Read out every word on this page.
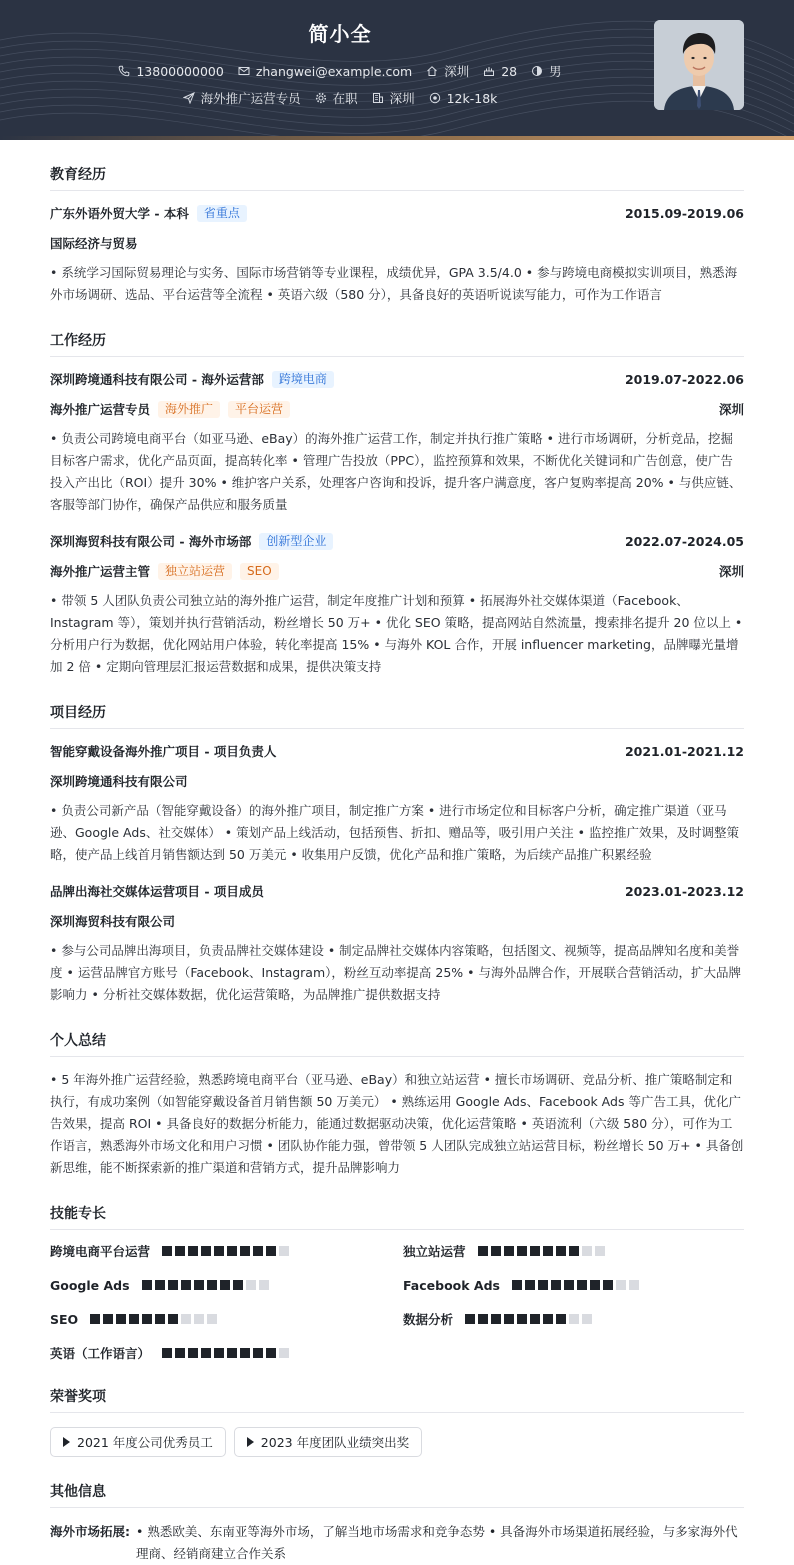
简小全
13800000000	zhangwei@example.com	深圳	28	男
海外推广运营专员	在职	深圳	12k-18k
教育经历
广东外语外贸大学 - 本科	省重点	2015.09-2019.06
国际经济与贸易
• 系统学习国际贸易理论与实务、国际市场营销等专业课程，成绩优异，GPA 3.5/4.0 • 参与跨境电商模拟实训项目，熟悉海外市场调研、选品、平台运营等全流程 • 英语六级（580 分），具备良好的英语听说读写能力，可作为工作语言
工作经历
深圳跨境通科技有限公司 - 海外运营部	跨境电商	2019.07-2022.06
海外推广运营专员	海外推广	平台运营	深圳
• 负责公司跨境电商平台（如亚马逊、eBay）的海外推广运营工作，制定并执行推广策略 • 进行市场调研，分析竞品，挖掘目标客户需求，优化产品页面，提高转化率 • 管理广告投放（PPC），监控预算和效果，不断优化关键词和广告创意，使广告投入产出比（ROI）提升 30% • 维护客户关系，处理客户咨询和投诉，提升客户满意度，客户复购率提高 20% • 与供应链、客服等部门协作，确保产品供应和服务质量
深圳海贸科技有限公司 - 海外市场部	创新型企业	2022.07-2024.05
海外推广运营主管	独立站运营	SEO	深圳
• 带领 5 人团队负责公司独立站的海外推广运营，制定年度推广计划和预算 • 拓展海外社交媒体渠道（Facebook、Instagram 等），策划并执行营销活动，粉丝增长 50 万+ • 优化 SEO 策略，提高网站自然流量，搜索排名提升 20 位以上 • 分析用户行为数据，优化网站用户体验，转化率提高 15% • 与海外 KOL 合作，开展 influencer marketing，品牌曝光量增加 2 倍 • 定期向管理层汇报运营数据和成果，提供决策支持
项目经历
智能穿戴设备海外推广项目 - 项目负责人	2021.01-2021.12
深圳跨境通科技有限公司
• 负责公司新产品（智能穿戴设备）的海外推广项目，制定推广方案 • 进行市场定位和目标客户分析，确定推广渠道（亚马逊、Google Ads、社交媒体） • 策划产品上线活动，包括预售、折扣、赠品等，吸引用户关注 • 监控推广效果，及时调整策略，使产品上线首月销售额达到 50 万美元 • 收集用户反馈，优化产品和推广策略，为后续产品推广积累经验
品牌出海社交媒体运营项目 - 项目成员	2023.01-2023.12
深圳海贸科技有限公司
• 参与公司品牌出海项目，负责品牌社交媒体建设 • 制定品牌社交媒体内容策略，包括图文、视频等，提高品牌知名度和美誉度 • 运营品牌官方账号（Facebook、Instagram），粉丝互动率提高 25% • 与海外品牌合作，开展联合营销活动，扩大品牌影响力 • 分析社交媒体数据，优化运营策略，为品牌推广提供数据支持
个人总结
• 5 年海外推广运营经验，熟悉跨境电商平台（亚马逊、eBay）和独立站运营 • 擅长市场调研、竞品分析、推广策略制定和执行，有成功案例（如智能穿戴设备首月销售额 50 万美元） • 熟练运用 Google Ads、Facebook Ads 等广告工具，优化广告效果，提高 ROI • 具备良好的数据分析能力，能通过数据驱动决策，优化运营策略 • 英语流利（六级 580 分），可作为工作语言，熟悉海外市场文化和用户习惯 • 团队协作能力强，曾带领 5 人团队完成独立站运营目标，粉丝增长 50 万+ • 具备创新思维，能不断探索新的推广渠道和营销方式，提升品牌影响力
技能专长
跨境电商平台运营	独立站运营
Google Ads	Facebook Ads
SEO	数据分析
英语（工作语言）
荣誉奖项
2021 年度公司优秀员工	2023 年度团队业绩突出奖
其他信息
海外市场拓展: • 熟悉欧美、东南亚等海外市场，了解当地市场需求和竞争态势 • 具备海外市场渠道拓展经验，与多家海外代理商、经销商建立合作关系
